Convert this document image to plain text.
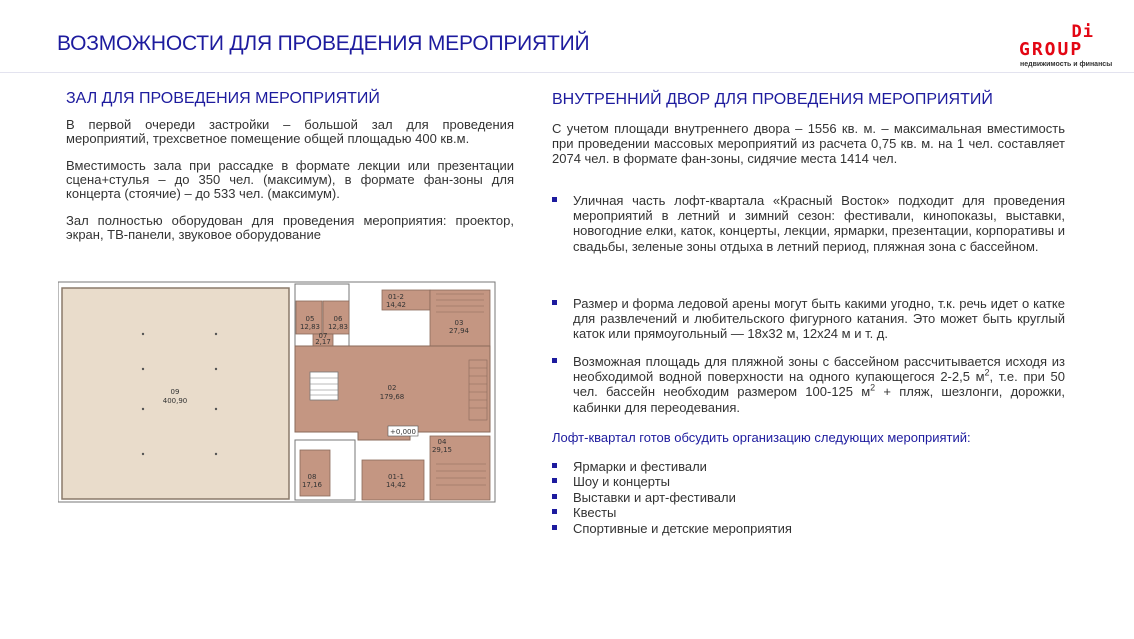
ВОЗМОЖНОСТИ ДЛЯ ПРОВЕДЕНИЯ МЕРОПРИЯТИЙ	Di
GROUP
недвижимость и финансы
ЗАЛ ДЛЯ ПРОВЕДЕНИЯ МЕРОПРИЯТИЙ

В первой очереди застройки – большой зал для проведения мероприятий, трехсветное помещение общей площадью 400 кв.м.

Вместимость зала при рассадке в формате лекции или презентации сцена+стулья – до 350 чел. (максимум), в формате фан-зоны для концерта (стоячие) – до 533 чел. (максимум).

Зал полностью оборудован для проведения мероприятия: проектор, экран, ТВ-панели, звуковое оборудование

09
400,90
02
179,68
01-2
14,42
05
12,83
06
12,83
07
2,17
03
27,94
04
29,15
01-1
14,42
08
17,16
+0,000
ВНУТРЕННИЙ ДВОР ДЛЯ ПРОВЕДЕНИЯ МЕРОПРИЯТИЙ

С учетом площади внутреннего двора – 1556 кв. м. – максимальная вместимость при проведении массовых мероприятий из расчета 0,75 кв. м. на 1 чел. составляет 2074 чел. в формате фан-зоны, сидячие места 1414 чел.

Уличная часть лофт-квартала «Красный Восток» подходит для проведения мероприятий в летний и зимний сезон: фестивали, кинопоказы, выставки, новогодние елки, каток, концерты, лекции, ярмарки, презентации, корпоративы и свадьбы, зеленые зоны отдыха в летний период, пляжная зона с бассейном.
Размер и форма ледовой арены могут быть какими угодно, т.к. речь идет о катке для развлечений и любительского фигурного катания. Это может быть круглый каток или прямоугольный — 18х32 м, 12х24 м и т. д.
Возможная площадь для пляжной зоны с бассейном рассчитывается исходя из необходимой водной поверхности на одного купающегося 2-2,5 $м^2$, т.е. при 50 чел. бассейн необходим размером 100-125 $м^2$ + пляж, шезлонги, дорожки, кабинки для переодевания.
Лофт-квартал готов обсудить организацию следующих мероприятий:
Ярмарки и фестивали
Шоу и концерты
Выставки и арт-фестивали
Квесты
Спортивные и детские мероприятия
